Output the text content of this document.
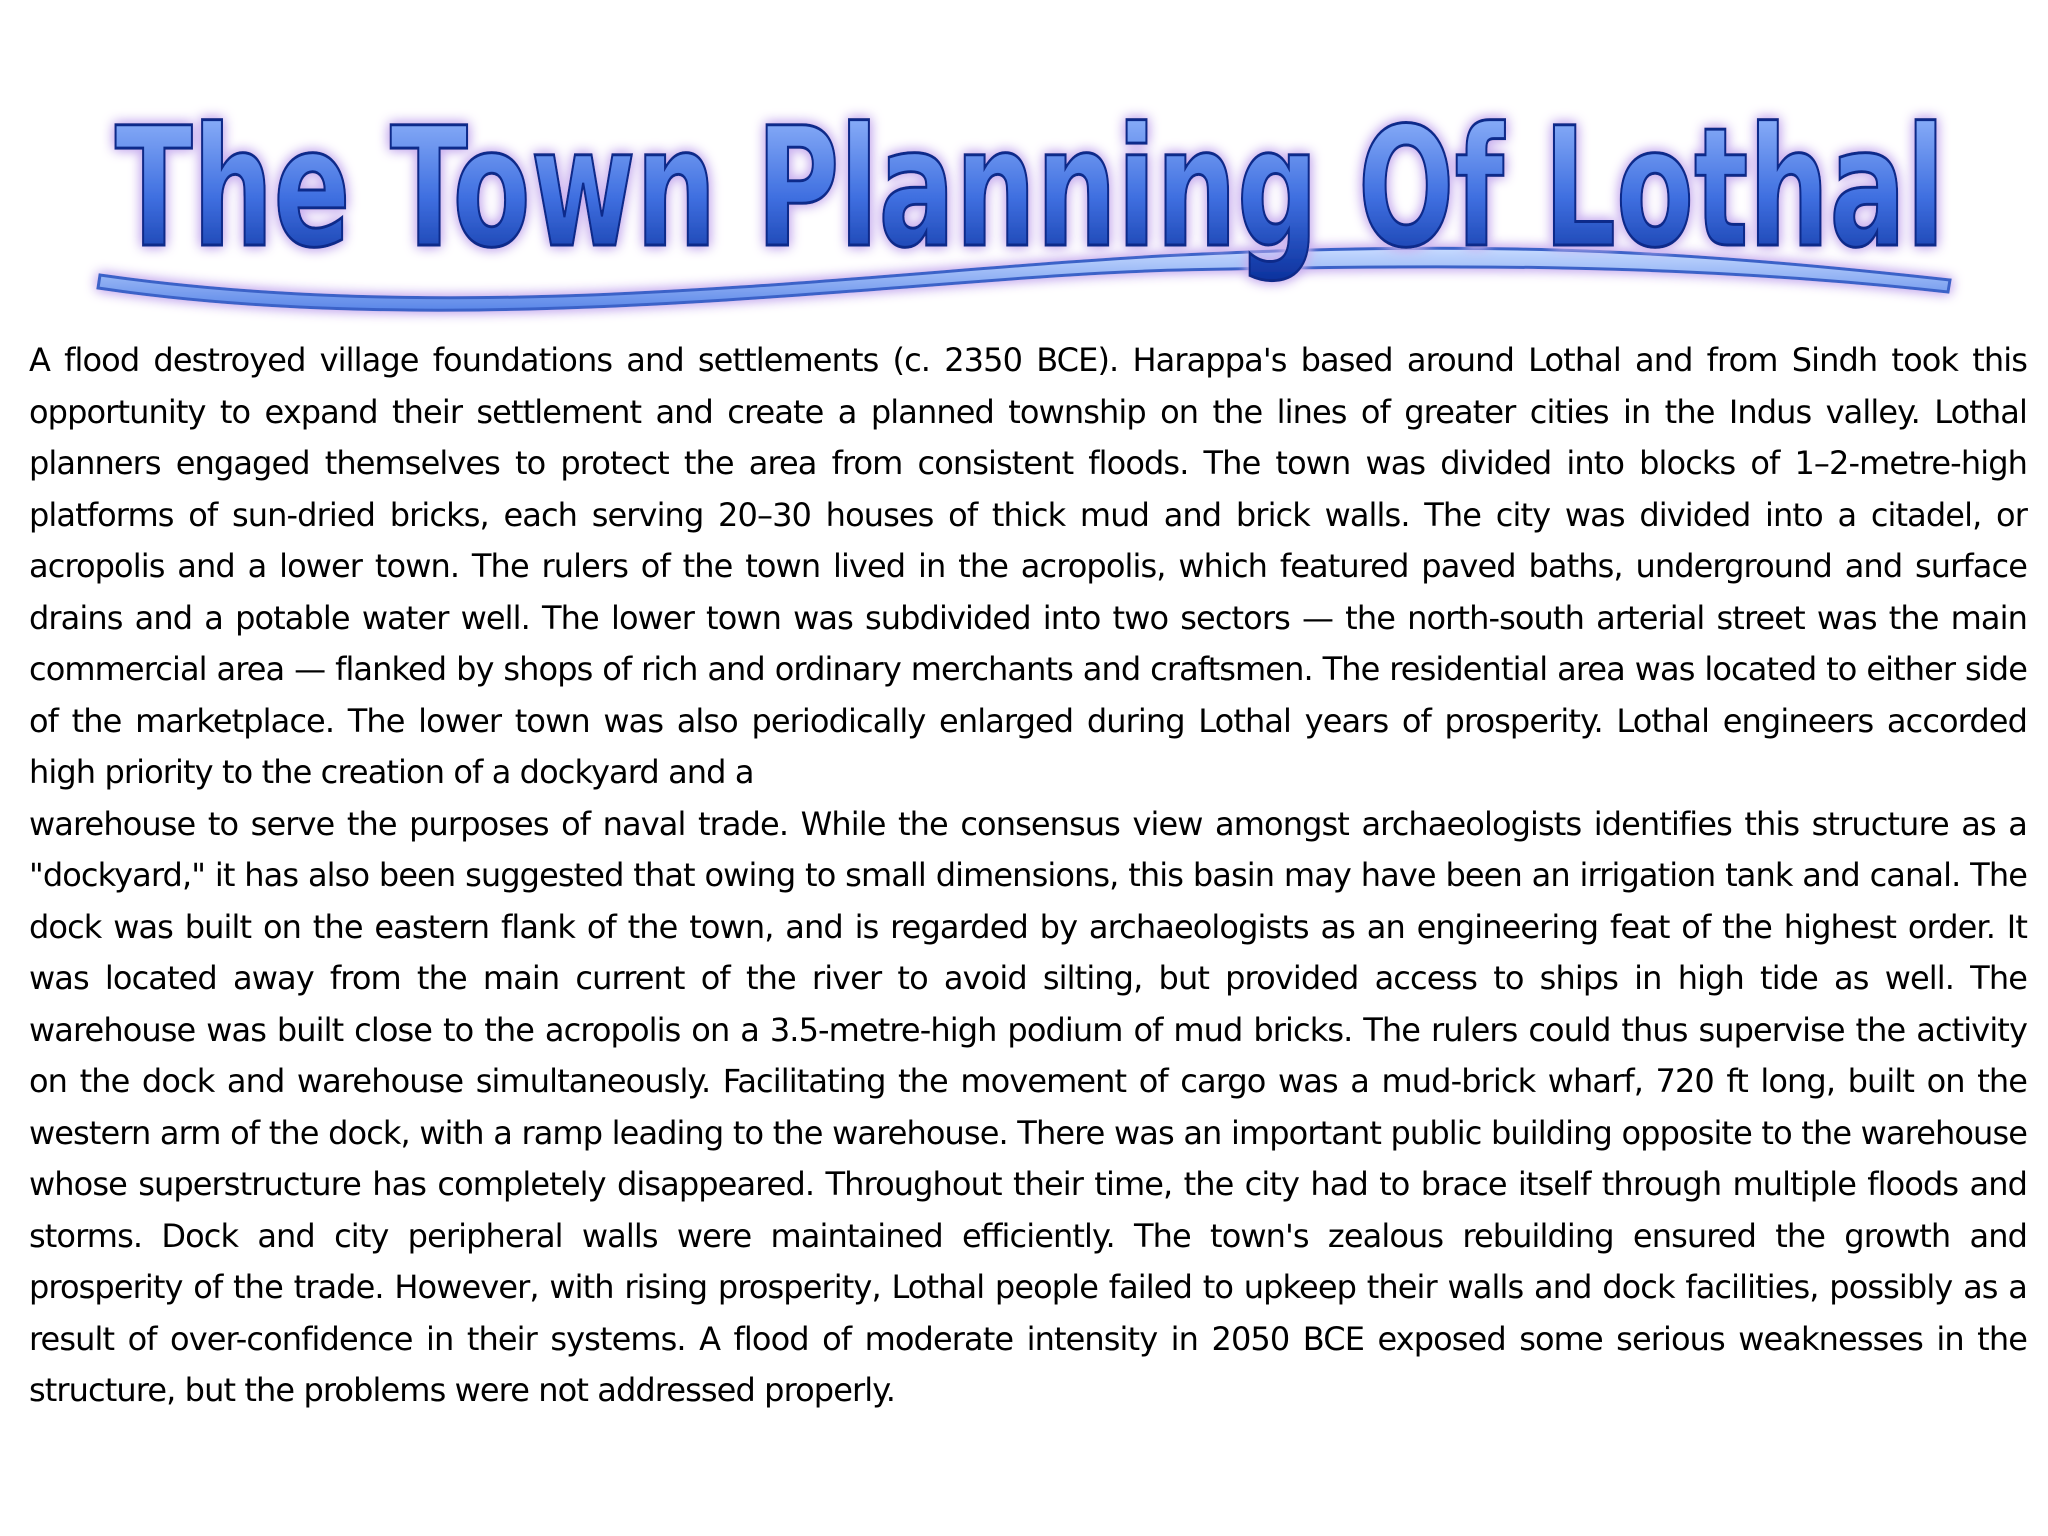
The Town Planning Of Lothal

A flood destroyed village foundations and settlements (c. 2350 BCE). Harappa's based around Lothal and from Sindh took this opportunity to expand their settlement and create a planned township on the lines of greater cities in the Indus valley. Lothal planners engaged themselves to protect the area from consistent floods. The town was divided into blocks of 1–2-metre-high platforms of sun-dried bricks, each serving 20–30 houses of thick mud and brick walls. The city was divided into a citadel, or acropolis and a lower town. The rulers of the town lived in the acropolis, which featured paved baths, underground and surface drains and a potable water well. The lower town was subdivided into two sectors — the north-south arterial street was the main commercial area — flanked by shops of rich and ordinary merchants and craftsmen. The residential area was located to either side of the marketplace. The lower town was also periodically enlarged during Lothal years of prosperity. Lothal engineers accorded high priority to the creation of a dockyard and a
warehouse to serve the purposes of naval trade. While the consensus view amongst archaeologists identifies this structure as a "dockyard," it has also been suggested that owing to small dimensions, this basin may have been an irrigation tank and canal. The dock was built on the eastern flank of the town, and is regarded by archaeologists as an engineering feat of the highest order. It was located away from the main current of the river to avoid silting, but provided access to ships in high tide as well. The warehouse was built close to the acropolis on a 3.5-metre-high podium of mud bricks. The rulers could thus supervise the activity on the dock and warehouse simultaneously. Facilitating the movement of cargo was a mud-brick wharf, 720 ft long, built on the western arm of the dock, with a ramp leading to the warehouse. There was an important public building opposite to the warehouse whose superstructure has completely disappeared. Throughout their time, the city had to brace itself through multiple floods and storms. Dock and city peripheral walls were maintained efficiently. The town's zealous rebuilding ensured the growth and prosperity of the trade. However, with rising prosperity, Lothal people failed to upkeep their walls and dock facilities, possibly as a result of over-confidence in their systems. A flood of moderate intensity in 2050 BCE exposed some serious weaknesses in the structure, but the problems were not addressed properly.
